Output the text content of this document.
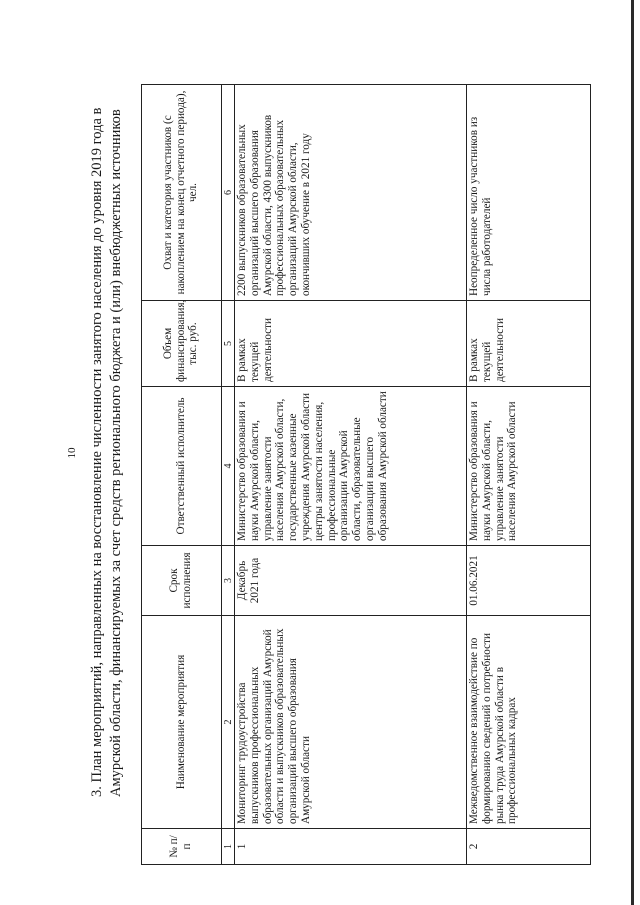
10 3. План мероприятий, направленных на восстановление численности занятого населения до уровня 2019 года в Амурской области, финансируемых за счет средств регионального бюджета и (или) внебюджетных источников
№ п/п	Наименование мероприятия	Срок исполнения	Ответственный исполнитель	Объем финансирования, тыс. руб.	Охват и категория участников (с накоплением на конец отчетного периода), чел.
1	2	3	4	5	6
1	Мониторинг трудоустройства выпускников профессиональных образовательных организаций Амурской области и выпускников образовательных организаций высшего образования Амурской области	Декабрь 2021 года	Министерство образования и науки Амурской области, управление занятости населения Амурской области, государственные казенные учреждения Амурской области центры занятости населения, профессиональные организации Амурской области, образовательные организации высшего образования Амурской области	В рамках текущей деятельности	2200 выпускников образовательных организаций высшего образования Амурской области, 4300 выпускников профессиональных образовательных организаций Амурской области, окончивших обучение в 2021 году
2	Межведомственное взаимодействие по формированию сведений о потребности рынка труда Амурской области в профессиональных кадрах	01.06.2021	Министерство образования и науки Амурской области, управление занятости населения Амурской области	В рамках текущей деятельности	Неопределенное число участников из числа работодателей
